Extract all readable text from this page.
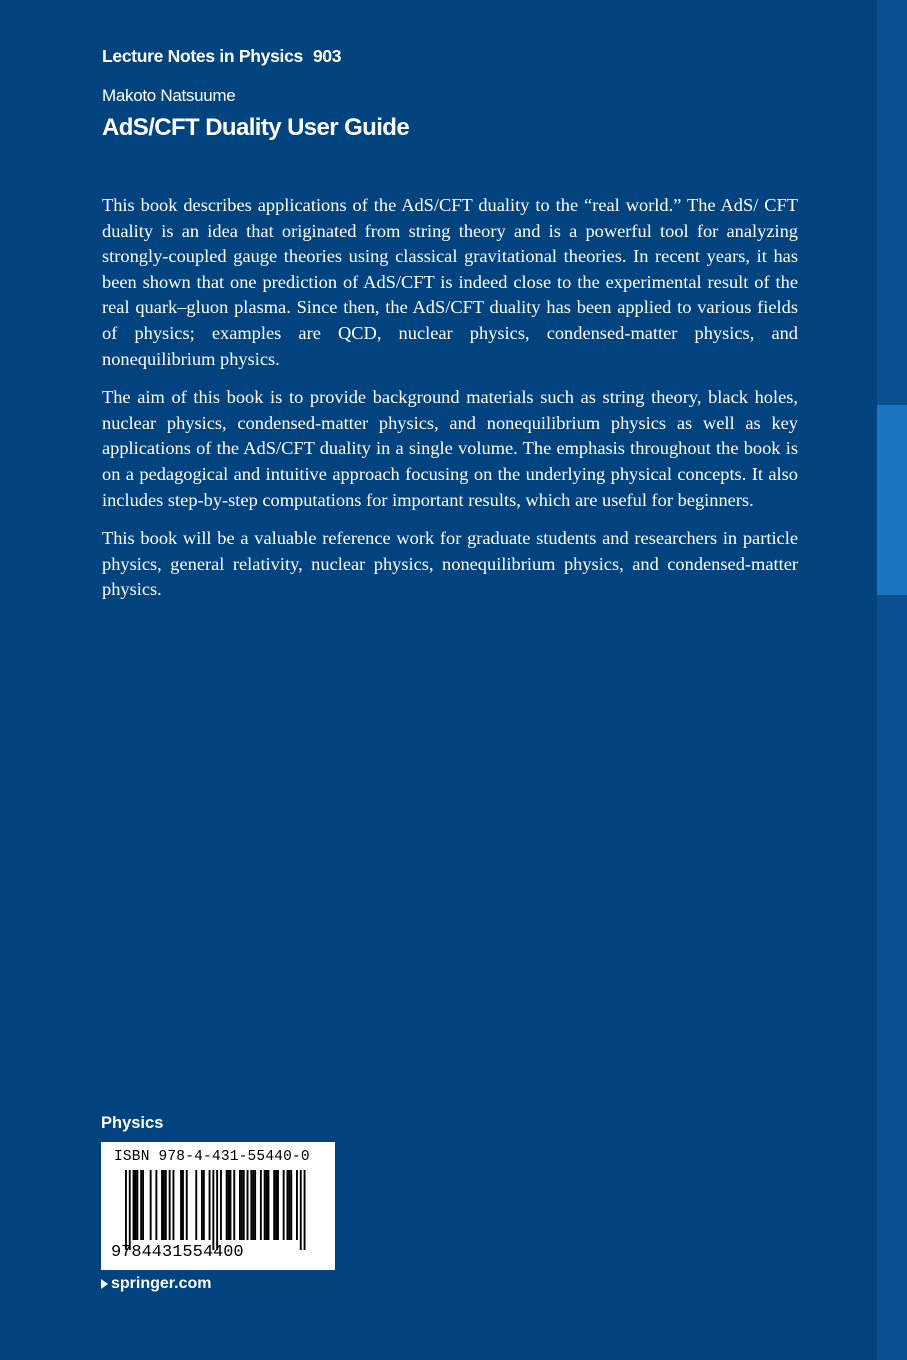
Lecture Notes in Physics 903
Makoto Natsuume
AdS/CFT Duality User Guide

This book describes applications of the AdS/CFT duality to the “real world.” The AdS/ CFT duality is an idea that originated from string theory and is a powerful tool for analyzing strongly-coupled gauge theories using classical gravitational theories. In recent years, it has been shown that one prediction of AdS/CFT is indeed close to the experimental result of the real quark–gluon plasma. Since then, the AdS/CFT duality has been applied to various fields of physics; examples are QCD, nuclear physics, condensed-matter physics, and nonequilibrium physics.

The aim of this book is to provide background materials such as string theory, black holes, nuclear physics, condensed-matter physics, and nonequilibrium physics as well as key applications of the AdS/CFT duality in a single volume. The emphasis throughout the book is on a pedagogical and intuitive approach focusing on the underlying physical concepts. It also includes step-by-step computations for important results, which are useful for beginners.

This book will be a valuable reference work for graduate students and researchers in particle physics, general relativity, nuclear physics, nonequilibrium physics, and condensed-matter physics.

Physics
ISBN 978-4-431-55440-0
9784431554400
springer.com
